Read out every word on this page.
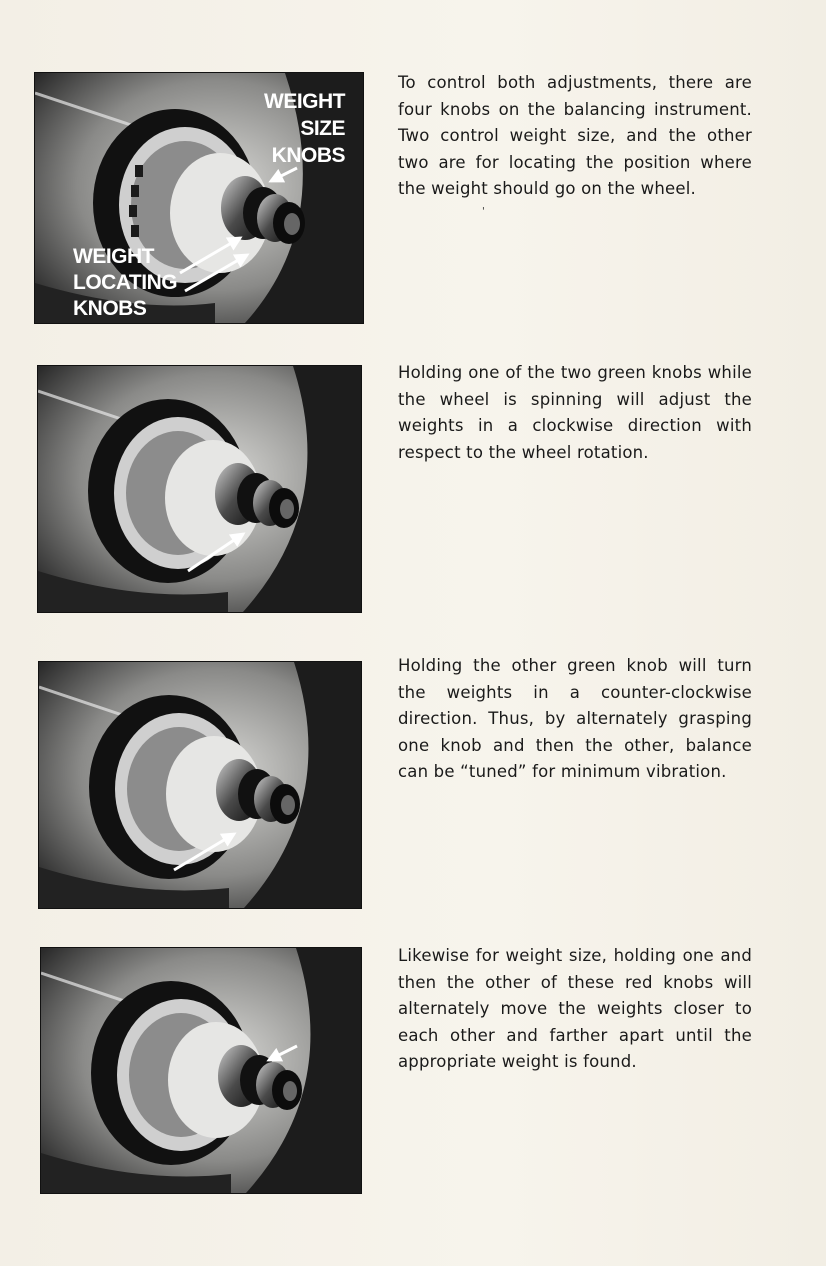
WEIGHT
SIZE
KNOBS
WEIGHT
LOCATING
KNOBS
To control both adjustments, there are four knobs on the balancing instrument. Two control weight size, and the other two are for locating the position where the weight should go on the wheel.
'
Holding one of the two green knobs while the wheel is spinning will adjust the weights in a clockwise direction with respect to the wheel rotation.
Holding the other green knob will turn the weights in a counter-clockwise direction. Thus, by alternately grasping one knob and then the other, balance can be “tuned” for minimum vibration.
Likewise for weight size, holding one and then the other of these red knobs will alternately move the weights closer to each other and farther apart until the appropriate weight is found.
